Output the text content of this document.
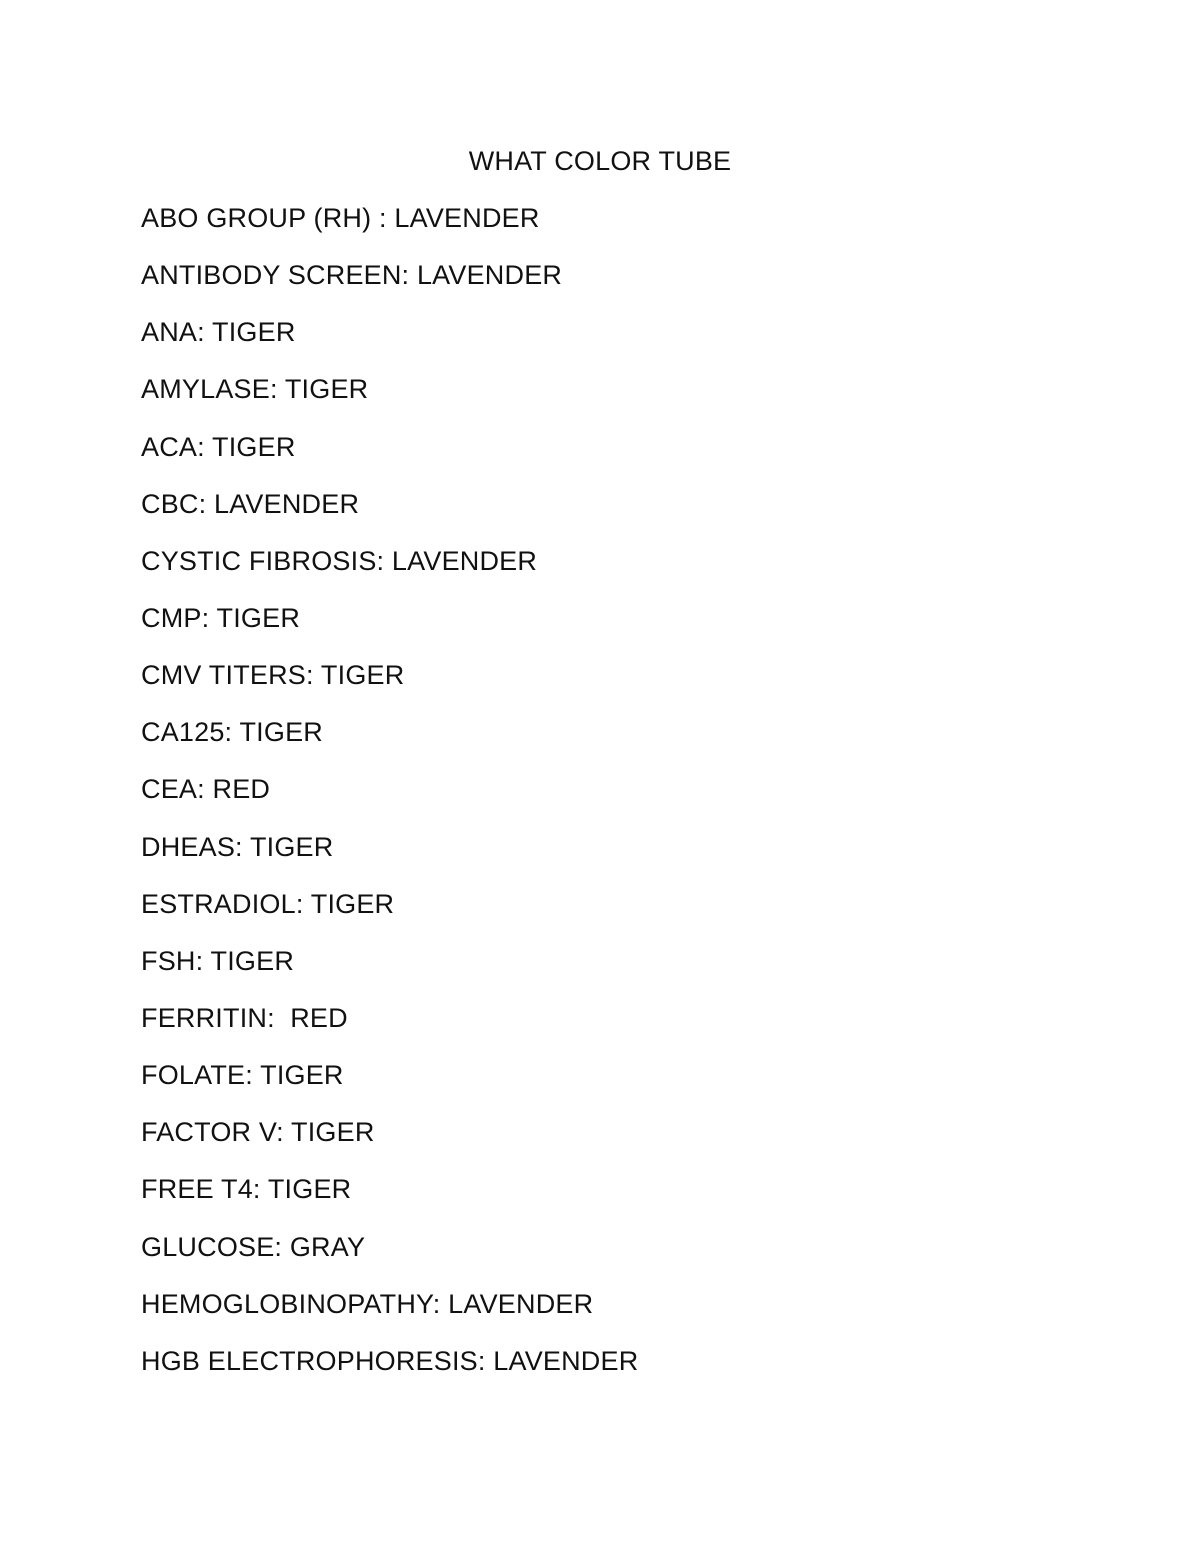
WHAT COLOR TUBE
ABO GROUP (RH) : LAVENDER
ANTIBODY SCREEN: LAVENDER
ANA: TIGER
AMYLASE: TIGER
ACA: TIGER
CBC: LAVENDER
CYSTIC FIBROSIS: LAVENDER
CMP: TIGER
CMV TITERS: TIGER
CA125: TIGER
CEA: RED
DHEAS: TIGER
ESTRADIOL: TIGER
FSH: TIGER
FERRITIN:  RED
FOLATE: TIGER
FACTOR V: TIGER
FREE T4: TIGER
GLUCOSE: GRAY
HEMOGLOBINOPATHY: LAVENDER
HGB ELECTROPHORESIS: LAVENDER
